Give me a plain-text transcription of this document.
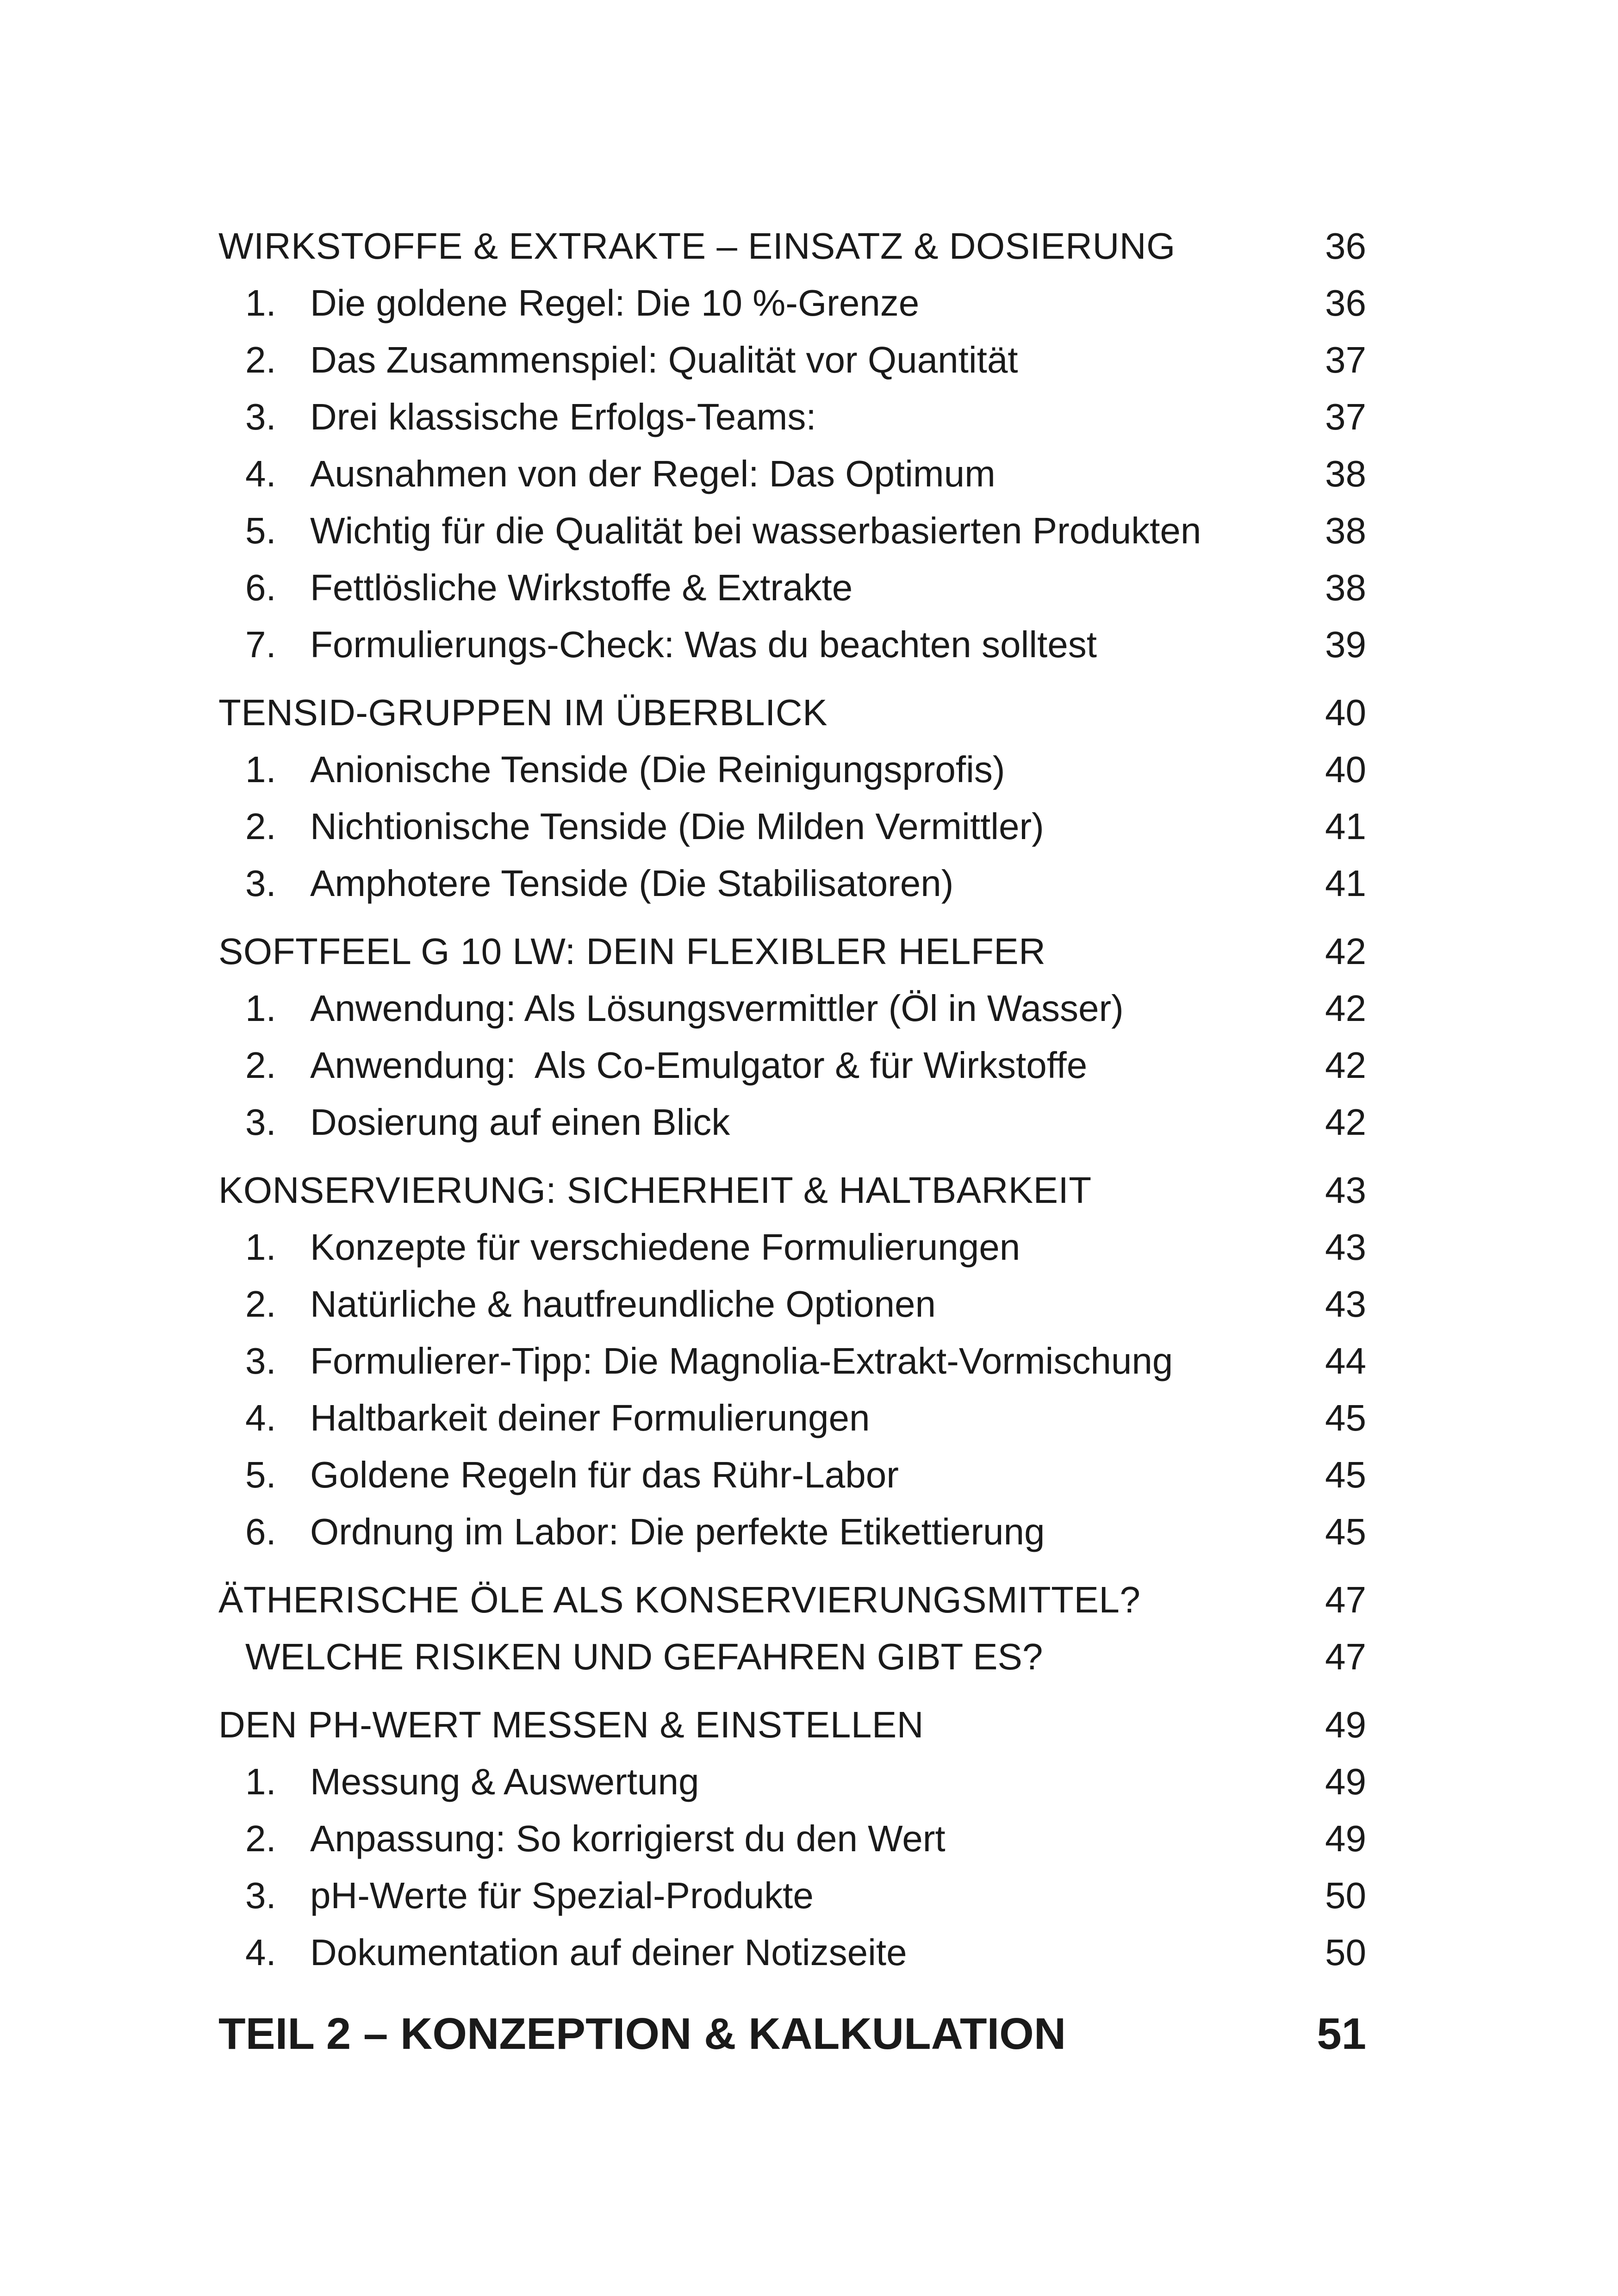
WIRKSTOFFE & EXTRAKTE – EINSATZ & DOSIERUNG	36
1. Die goldene Regel: Die 10 %-Grenze	36
2. Das Zusammenspiel: Qualität vor Quantität	37
3. Drei klassische Erfolgs-Teams:	37
4. Ausnahmen von der Regel: Das Optimum	38
5. Wichtig für die Qualität bei wasserbasierten Produkten	38
6. Fettlösliche Wirkstoffe & Extrakte	38
7. Formulierungs-Check: Was du beachten solltest	39
TENSID-GRUPPEN IM ÜBERBLICK	40
1. Anionische Tenside (Die Reinigungsprofis)	40
2. Nichtionische Tenside (Die Milden Vermittler)	41
3. Amphotere Tenside (Die Stabilisatoren)	41
SOFTFEEL G 10 LW: DEIN FLEXIBLER HELFER	42
1. Anwendung: Als Lösungsvermittler (Öl in Wasser)	42
2. Anwendung:  Als Co-Emulgator & für Wirkstoffe	42
3. Dosierung auf einen Blick	42
KONSERVIERUNG: SICHERHEIT & HALTBARKEIT	43
1. Konzepte für verschiedene Formulierungen	43
2. Natürliche & hautfreundliche Optionen	43
3. Formulierer-Tipp: Die Magnolia-Extrakt-Vormischung	44
4. Haltbarkeit deiner Formulierungen	45
5. Goldene Regeln für das Rühr-Labor	45
6. Ordnung im Labor: Die perfekte Etikettierung	45
ÄTHERISCHE ÖLE ALS KONSERVIERUNGSMITTEL?	47
WELCHE RISIKEN UND GEFAHREN GIBT ES?	47
DEN PH-WERT MESSEN & EINSTELLEN	49
1. Messung & Auswertung	49
2. Anpassung: So korrigierst du den Wert	49
3. pH-Werte für Spezial-Produkte	50
4. Dokumentation auf deiner Notizseite	50
TEIL 2 – KONZEPTION & KALKULATION	51
